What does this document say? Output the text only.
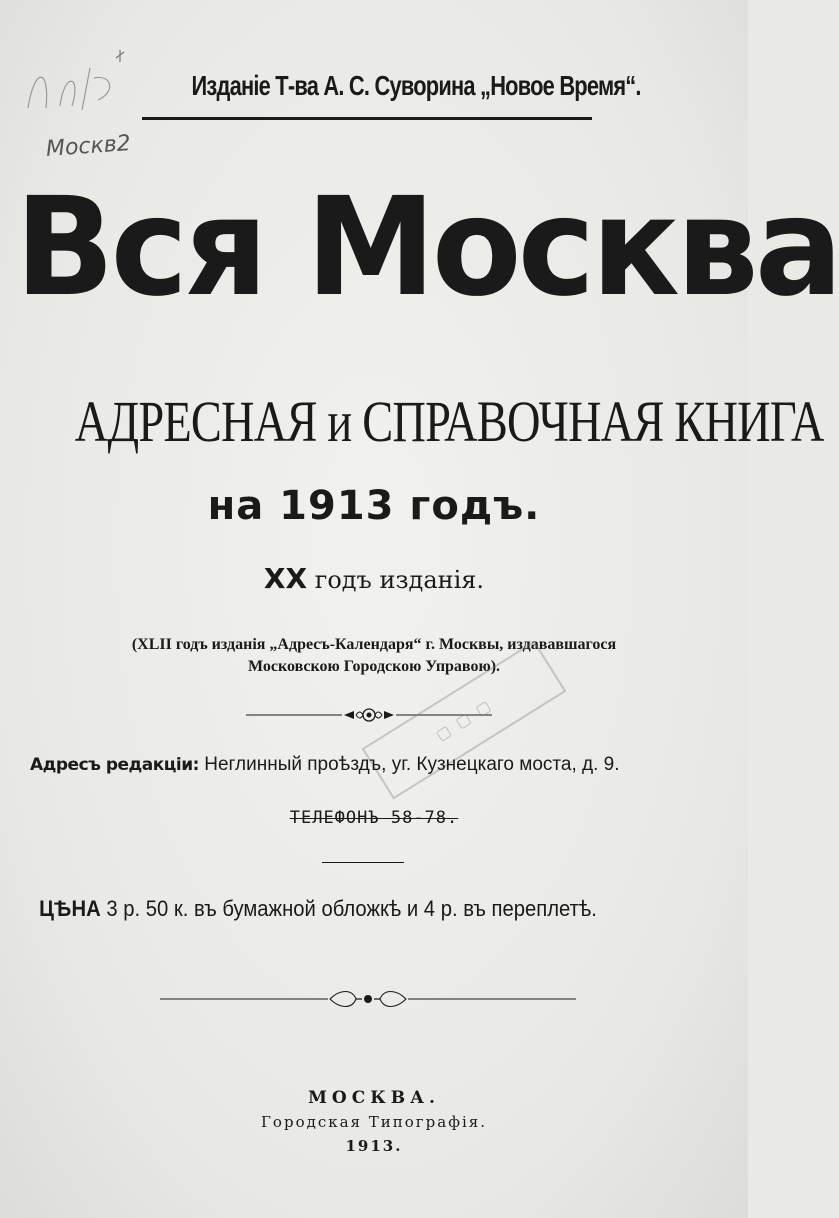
Изданіе Т-ва А. С. Суворина „Новое Время“.
Москв2
Вся Москва
АДРЕСНАЯ и СПРАВОЧНАЯ КНИГА
на 1913 годъ.
XX годъ изданія.
(XLII годъ изданія „Адресъ-Календаря“ г. Москвы, издававшагося
Московскою Городскою Управою).
▢ ▢ ▢
Адресъ редакціи: Неглинный проѣздъ, уг. Кузнецкаго моста, д. 9.
ТЕЛЕФОНЪ 58-78.
ЦѢНА 3 р. 50 к. въ бумажной обложкѣ и 4 р. въ переплетѣ.
МОСКВА.
Городская Типографія.
1913.
